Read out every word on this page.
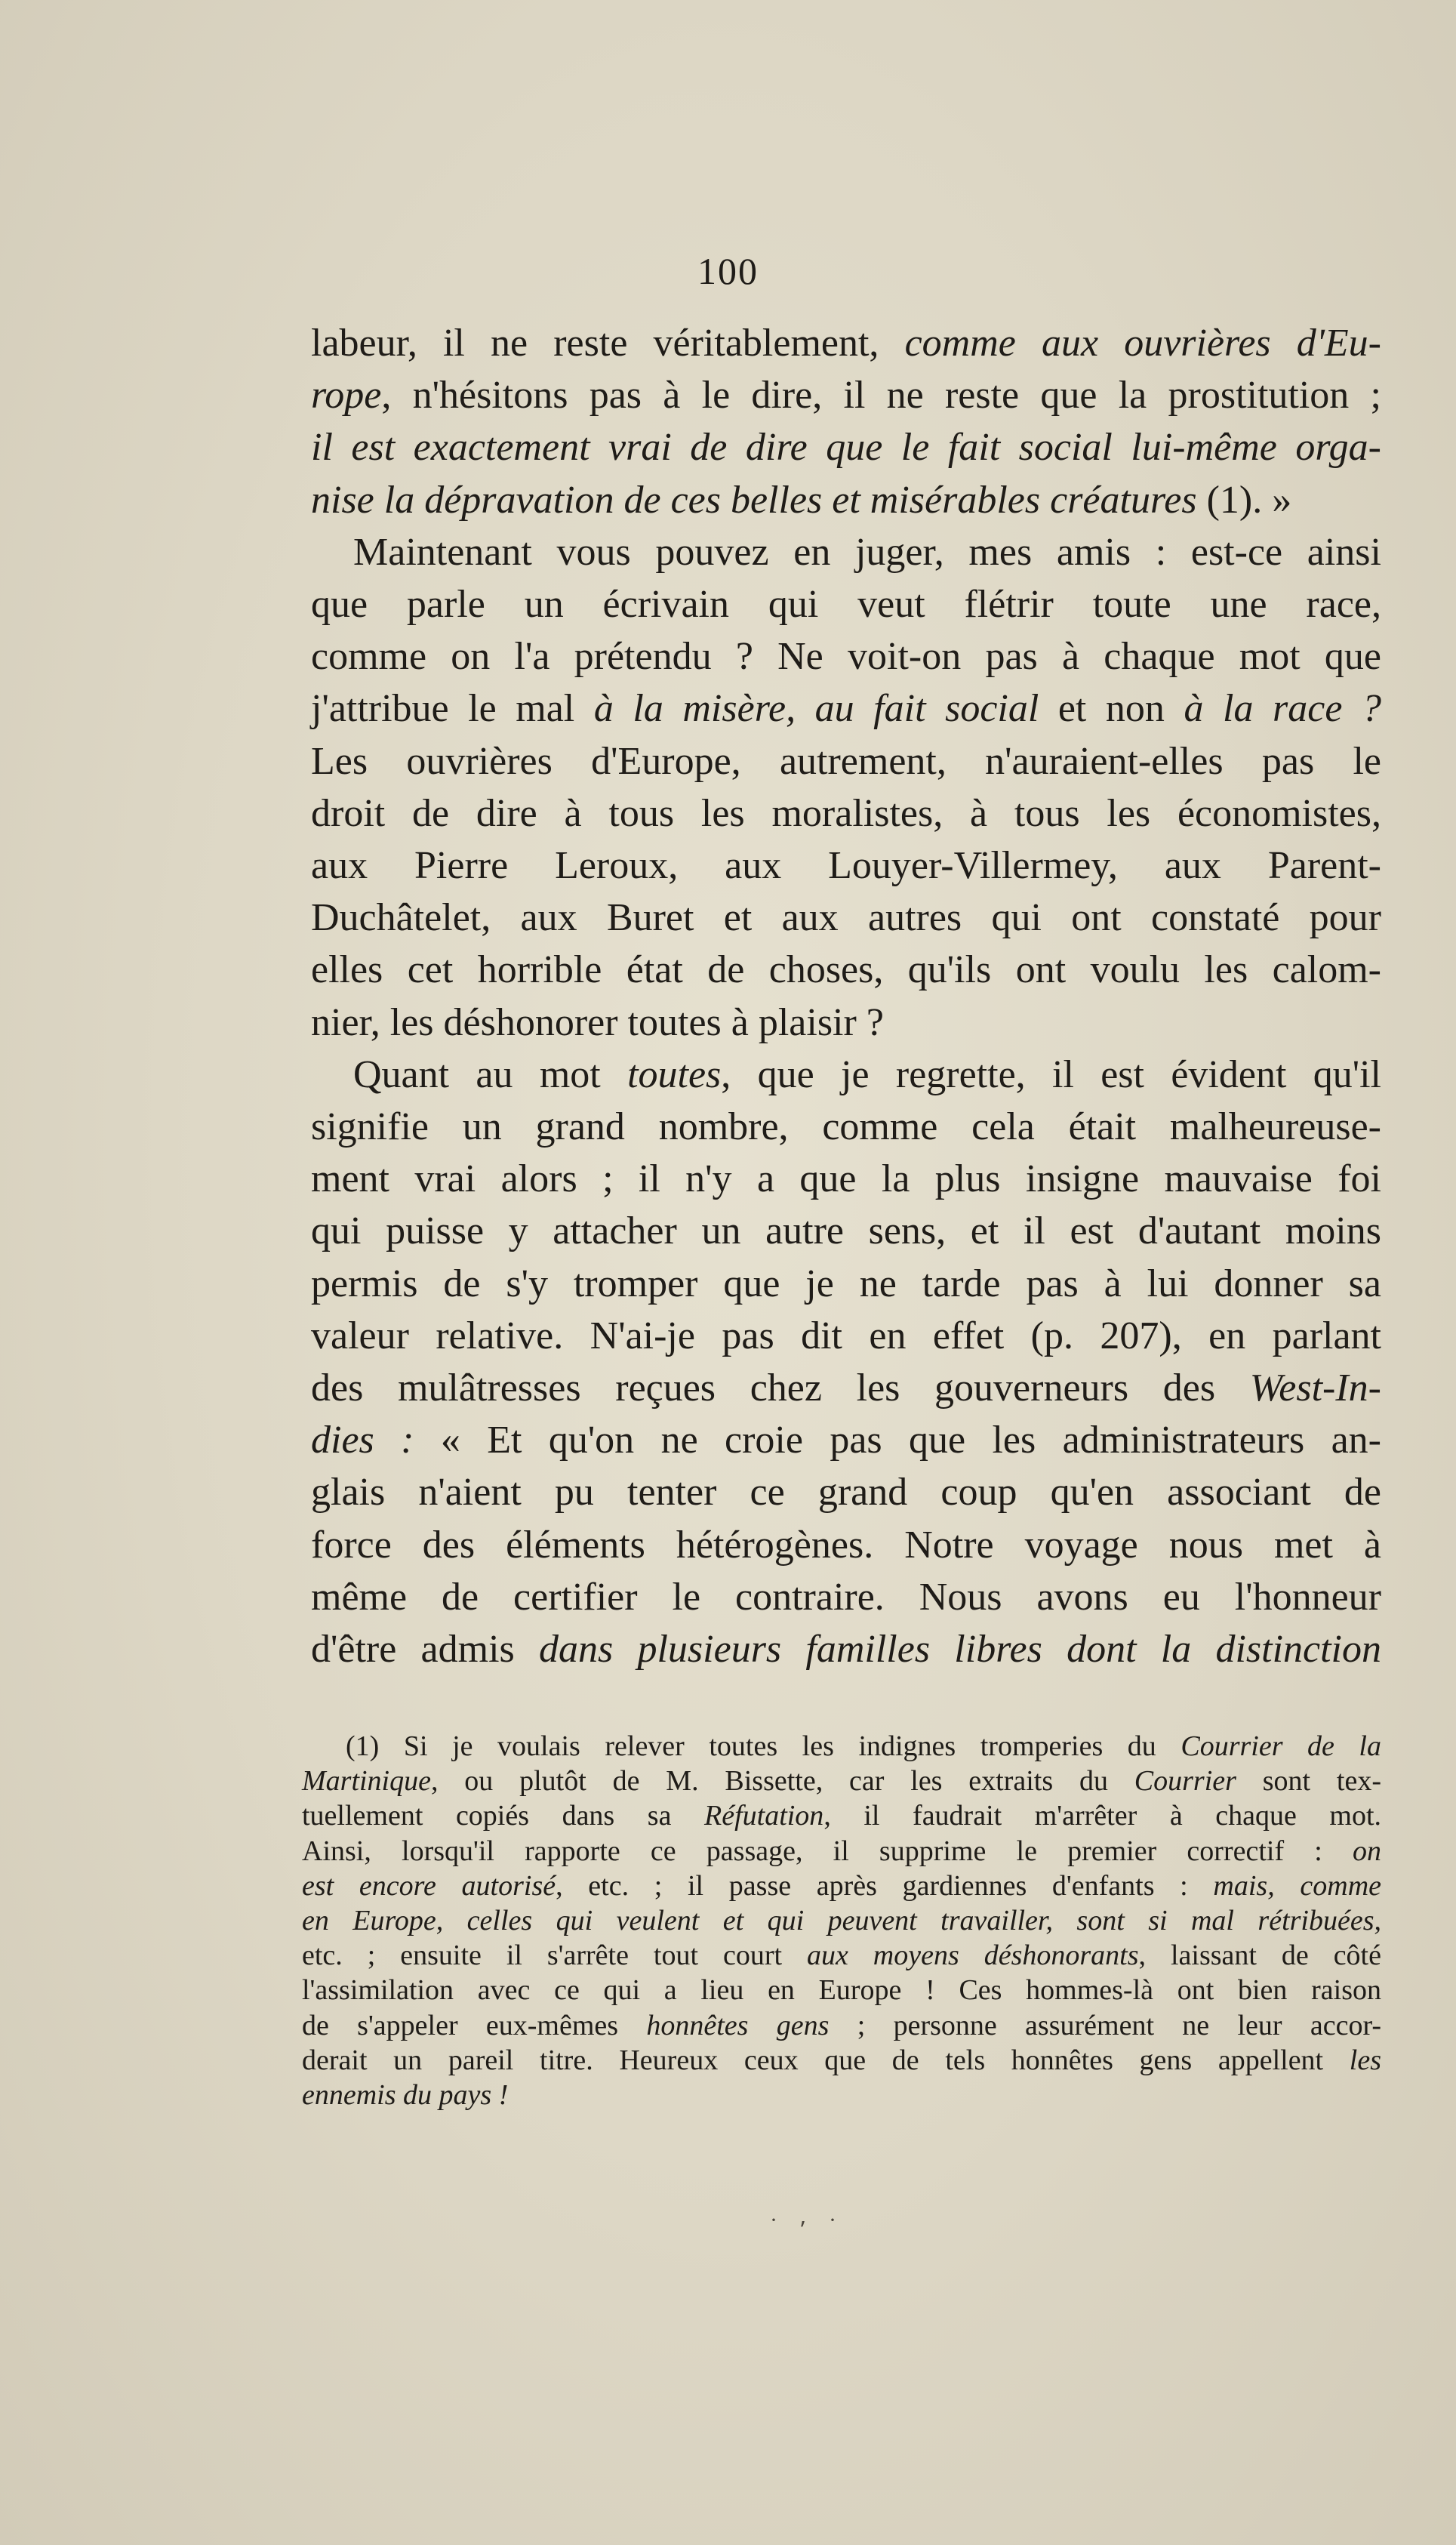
100
labeur, il ne reste véritablement, comme aux ouvrières d'Eu-
rope, n'hésitons pas à le dire, il ne reste que la prostitution ;
il est exactement vrai de dire que le fait social lui-même orga-
nise la dépravation de ces belles et misérables créatures (1). »
Maintenant vous pouvez en juger, mes amis : est-ce ainsi
que parle un écrivain qui veut flétrir toute une race,
comme on l'a prétendu ? Ne voit-on pas à chaque mot que
j'attribue le mal à la misère, au fait social et non à la race ?
Les ouvrières d'Europe, autrement, n'auraient-elles pas le
droit de dire à tous les moralistes, à tous les économistes,
aux Pierre Leroux, aux Louyer-Villermey, aux Parent-
Duchâtelet, aux Buret et aux autres qui ont constaté pour
elles cet horrible état de choses, qu'ils ont voulu les calom-
nier, les déshonorer toutes à plaisir ?
Quant au mot toutes, que je regrette, il est évident qu'il
signifie un grand nombre, comme cela était malheureuse-
ment vrai alors ; il n'y a que la plus insigne mauvaise foi
qui puisse y attacher un autre sens, et il est d'autant moins
permis de s'y tromper que je ne tarde pas à lui donner sa
valeur relative. N'ai-je pas dit en effet (p. 207), en parlant
des mulâtresses reçues chez les gouverneurs des West-In-
dies : « Et qu'on ne croie pas que les administrateurs an-
glais n'aient pu tenter ce grand coup qu'en associant de
force des éléments hétérogènes. Notre voyage nous met à
même de certifier le contraire. Nous avons eu l'honneur
d'être admis dans plusieurs familles libres dont la distinction
(1) Si je voulais relever toutes les indignes tromperies du Courrier de la
Martinique, ou plutôt de M. Bissette, car les extraits du Courrier sont tex-
tuellement copiés dans sa Réfutation, il faudrait m'arrêter à chaque mot.
Ainsi, lorsqu'il rapporte ce passage, il supprime le premier correctif : on
est encore autorisé, etc. ; il passe après gardiennes d'enfants : mais, comme
en Europe, celles qui veulent et qui peuvent travailler, sont si mal rétribuées,
etc. ; ensuite il s'arrête tout court aux moyens déshonorants, laissant de côté
l'assimilation avec ce qui a lieu en Europe ! Ces hommes-là ont bien raison
de s'appeler eux-mêmes honnêtes gens ; personne assurément ne leur accor-
derait un pareil titre. Heureux ceux que de tels honnêtes gens appellent les
ennemis du pays !
·⸴·
